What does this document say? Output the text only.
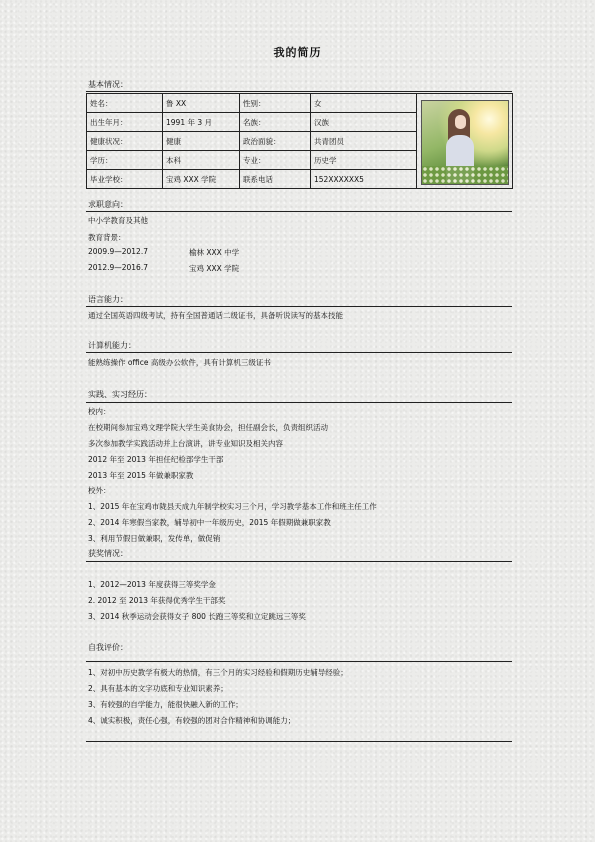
我的简历
基本情况：
姓名：	鲁 XX	性别：	女	

出生年月：	1991 年 3 月	名族：	汉族	
健康状况：	健康	政治面貌：	共青团员	
学历：	本科	专业：	历史学	
毕业学校：	宝鸡 XXX 学院	联系电话	152XXXXXX5	
求职意向：
中小学教育及其他
教育背景：
2009.9—2012.7	榆林 XXX 中学
2012.9—2016.7	宝鸡 XXX 学院
语言能力：
通过全国英语四级考试，持有全国普通话二级证书，具备听说读写的基本技能
计算机能力：
能熟练操作 office 高级办公软件，具有计算机三级证书
实践、实习经历：
校内：
在校期间参加宝鸡文理学院大学生美食协会，担任副会长，负责组织活动
多次参加教学实践活动并上台演讲，讲专业知识及相关内容
2012 年至 2013 年担任纪检部学生干部
2013 年至 2015 年做兼职家教
校外：
1、2015 年在宝鸡市陇县天成九年制学校实习三个月，学习教学基本工作和班主任工作
2、2014 年寒假当家教，辅导初中一年级历史，2015 年假期做兼职家教
3、利用节假日做兼职，发传单，做促销
获奖情况：
1、2012—2013 年度获得三等奖学金
2. 2012 至 2013 年获得优秀学生干部奖
3、2014 秋季运动会获得女子 800 长跑三等奖和立定跳远三等奖
自我评价：
1、对初中历史教学有极大的热情，有三个月的实习经验和假期历史辅导经验；
2、具有基本的文字功底和专业知识素养；
3、有较强的自学能力，能很快融入新的工作；
4、诚实积极，责任心强，有较强的团对合作精神和协调能力；
